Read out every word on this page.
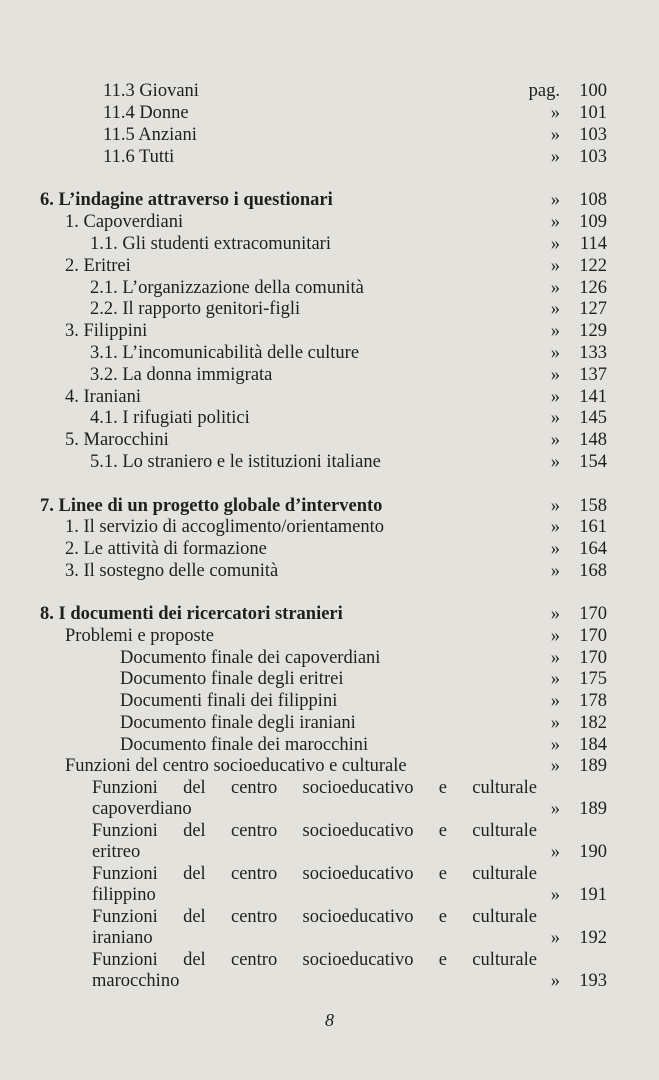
11.3 Giovani	pag.	100
11.4 Donne	»	101
11.5 Anziani	»	103
11.6 Tutti	»	103
6. L’indagine attraverso i questionari	»	108
1. Capoverdiani	»	109
1.1. Gli studenti extracomunitari	»	114
2. Eritrei	»	122
2.1. L’organizzazione della comunità	»	126
2.2. Il rapporto genitori-figli	»	127
3. Filippini	»	129
3.1. L’incomunicabilità delle culture	»	133
3.2. La donna immigrata	»	137
4. Iraniani	»	141
4.1. I rifugiati politici	»	145
5. Marocchini	»	148
5.1. Lo straniero e le istituzioni italiane	»	154
7. Linee di un progetto globale d’intervento	»	158
1. Il servizio di accoglimento/orientamento	»	161
2. Le attività di formazione	»	164
3. Il sostegno delle comunità	»	168
8. I documenti dei ricercatori stranieri	»	170
Problemi e proposte	»	170
Documento finale dei capoverdiani	»	170
Documento finale degli eritrei	»	175
Documenti finali dei filippini	»	178
Documento finale degli iraniani	»	182
Documento finale dei marocchini	»	184
Funzioni del centro socioeducativo e culturale	»	189
Funzioni del centro socioeducativo e culturale
capoverdiano	»	189
Funzioni del centro socioeducativo e culturale
eritreo	»	190
Funzioni del centro socioeducativo e culturale
filippino	»	191
Funzioni del centro socioeducativo e culturale
iraniano	»	192
Funzioni del centro socioeducativo e culturale
marocchino	»	193
8
